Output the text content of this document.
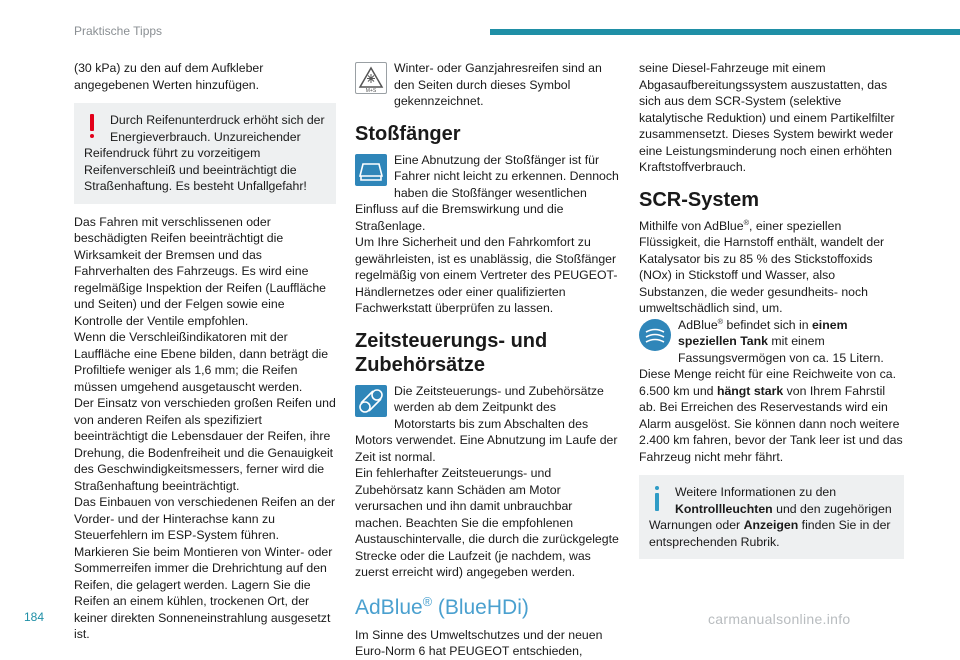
Praktische Tipps

(30 kPa) zu den auf dem Aufkleber angegebenen Werten hinzufügen.

Durch Reifenunterdruck erhöht sich der Energieverbrauch. Unzureichender Reifendruck führt zu vorzeitigem Reifenverschleiß und beeinträchtigt die Straßenhaftung. Es besteht Unfallgefahr!

Das Fahren mit verschlissenen oder beschädigten Reifen beeinträchtigt die Wirksamkeit der Bremsen und das Fahrverhalten des Fahrzeugs. Es wird eine regelmäßige Inspektion der Reifen (Lauffläche und Seiten) und der Felgen sowie eine Kontrolle der Ventile empfohlen.
Wenn die Verschleißindikatoren mit der Lauffläche eine Ebene bilden, dann beträgt die Profiltiefe weniger als 1,6 mm; die Reifen müssen umgehend ausgetauscht werden.
Der Einsatz von verschieden großen Reifen und von anderen Reifen als spezifiziert beeinträchtigt die Lebensdauer der Reifen, ihre Drehung, die Bodenfreiheit und die Genauigkeit des Geschwindigkeitsmessers, ferner wird die Straßenhaftung beeinträchtigt.
Das Einbauen von verschiedenen Reifen an der Vorder- und der Hinterachse kann zu Steuerfehlern im ESP-System führen.
Markieren Sie beim Montieren von Winter- oder Sommerreifen immer die Drehrichtung auf den Reifen, die gelagert werden. Lagern Sie die Reifen an einem kühlen, trockenen Ort, der keiner direkten Sonneneinstrahlung ausgesetzt ist.

M+S

Winter- oder Ganzjahresreifen sind an den Seiten durch dieses Symbol gekennzeichnet.

Stoßfänger

Eine Abnutzung der Stoßfänger ist für Fahrer nicht leicht zu erkennen. Dennoch haben die Stoßfänger wesentlichen Einfluss auf die Bremswirkung und die Straßenlage.
Um Ihre Sicherheit und den Fahrkomfort zu gewährleisten, ist es unablässig, die Stoßfänger regelmäßig von einem Vertreter des PEUGEOT-Händlernetzes oder einer qualifizierten Fachwerkstatt überprüfen zu lassen.

Zeitsteuerungs- und Zubehörsätze

Die Zeitsteuerungs- und Zubehörsätze werden ab dem Zeitpunkt des Motorstarts bis zum Abschalten des Motors verwendet. Eine Abnutzung im Laufe der Zeit ist normal.
Ein fehlerhafter Zeitsteuerungs- und Zubehörsatz kann Schäden am Motor verursachen und ihn damit unbrauchbar machen. Beachten Sie die empfohlenen Austauschintervalle, die durch die zurückgelegte Strecke oder die Laufzeit (je nachdem, was zuerst erreicht wird) angegeben werden.

AdBlue® (BlueHDi)

Im Sinne des Umweltschutzes und der neuen Euro-Norm 6 hat PEUGEOT entschieden,

seine Diesel-Fahrzeuge mit einem Abgasaufbereitungssystem auszustatten, das sich aus dem SCR-System (selektive katalytische Reduktion) und einem Partikelfilter zusammensetzt. Dieses System bewirkt weder eine Leistungsminderung noch einen erhöhten Kraftstoffverbrauch.

SCR-System

Mithilfe von AdBlue®, einer speziellen Flüssigkeit, die Harnstoff enthält, wandelt der Katalysator bis zu 85 % des Stickstoffoxids (NOx) in Stickstoff und Wasser, also Substanzen, die weder gesundheits- noch umweltschädlich sind, um.

AdBlue® befindet sich in einem speziellen Tank mit einem Fassungsvermögen von ca. 15 Litern.
Diese Menge reicht für eine Reichweite von ca. 6.500 km und hängt stark von Ihrem Fahrstil ab. Bei Erreichen des Reservestands wird ein Alarm ausgelöst. Sie können dann noch weitere 2.400 km fahren, bevor der Tank leer ist und das Fahrzeug nicht mehr fährt.

Weitere Informationen zu den Kontrollleuchten und den zugehörigen Warnungen oder Anzeigen finden Sie in der entsprechenden Rubrik.

184	carmanualsonline.info
